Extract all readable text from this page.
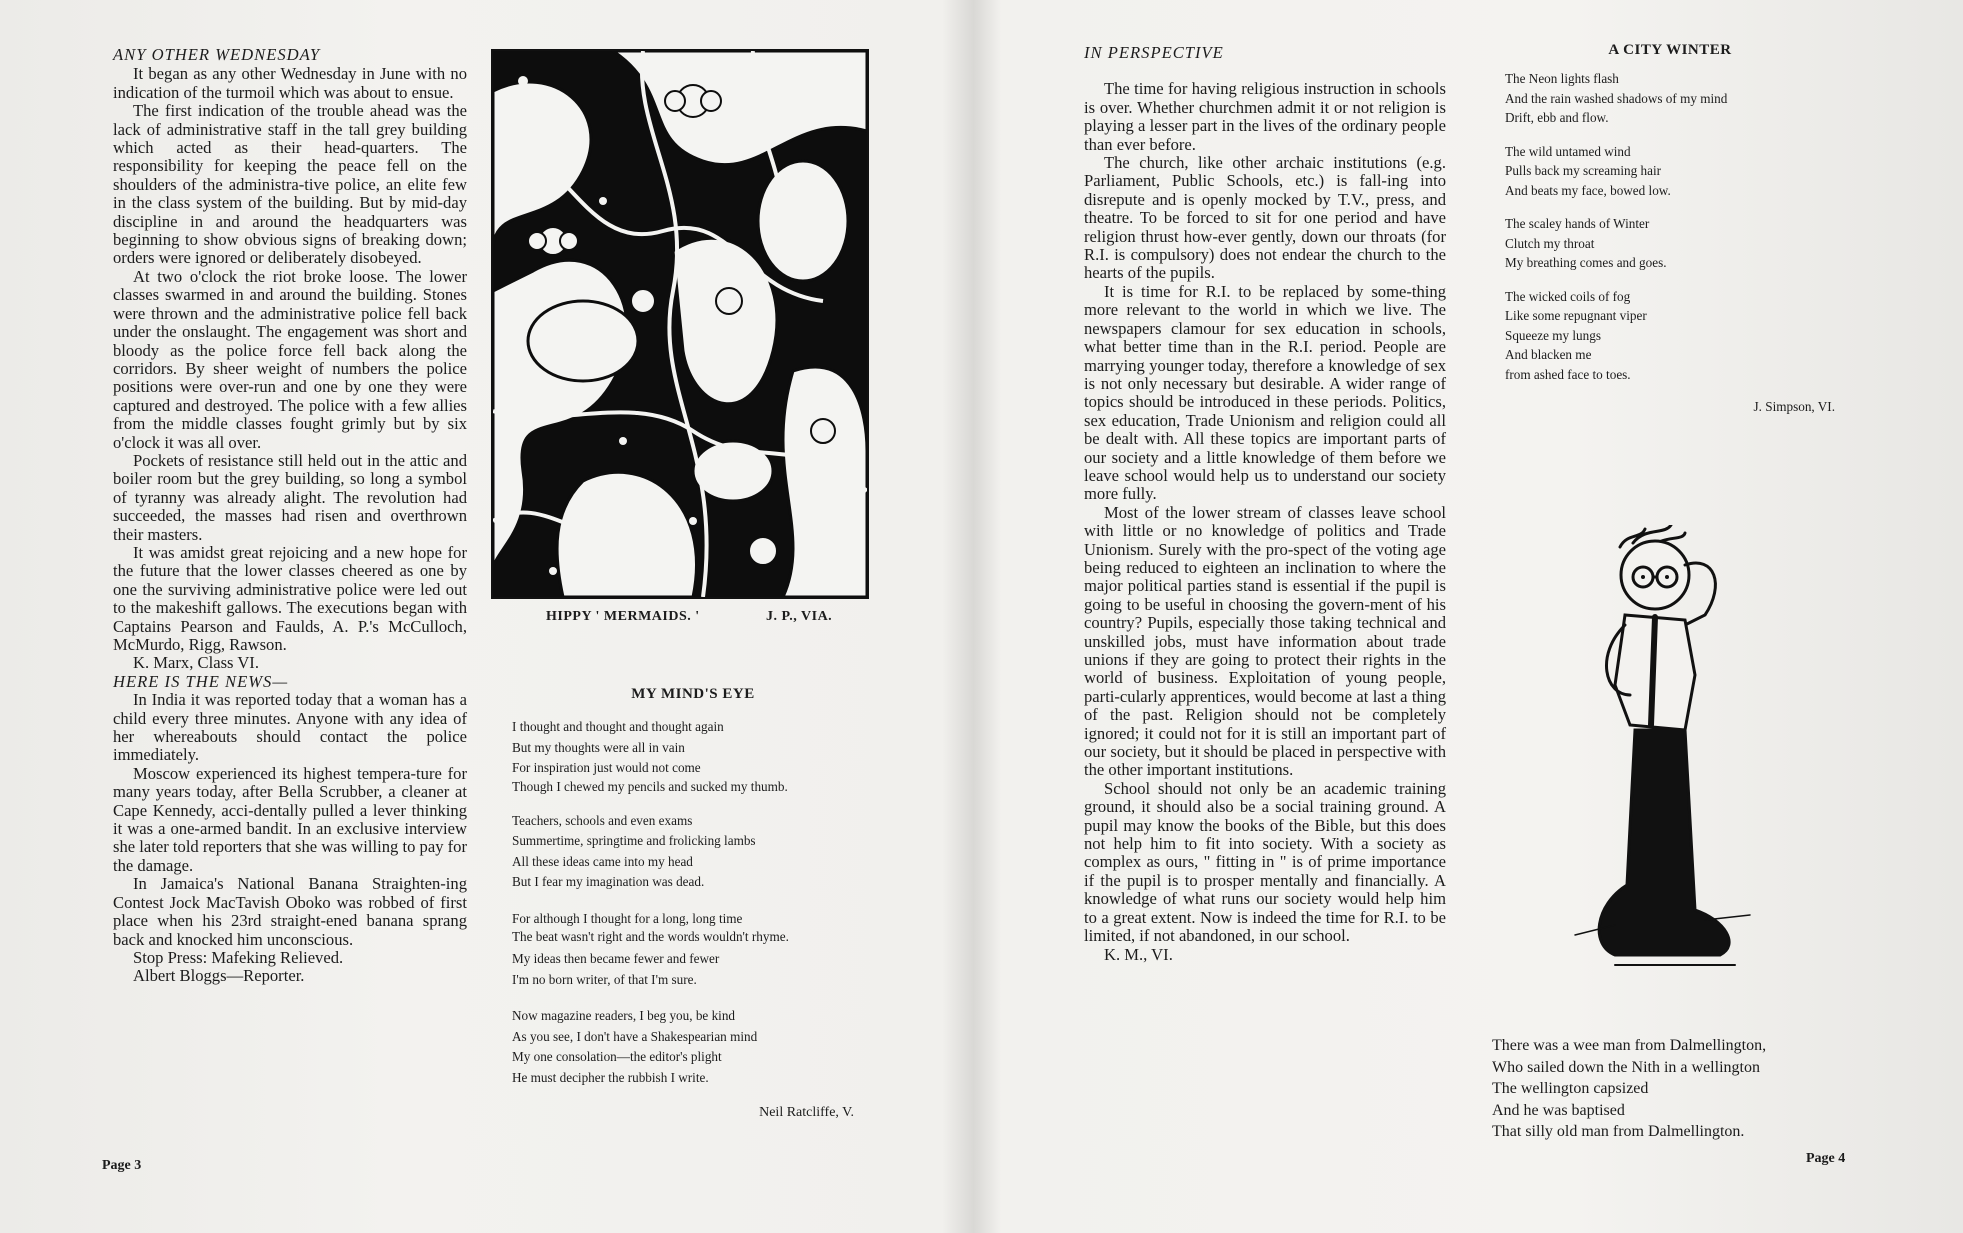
ANY OTHER WEDNESDAY

It began as any other Wednesday in June with no indication of the turmoil which was about to ensue.

The first indication of the trouble ahead was the lack of administrative staff in the tall grey building which acted as their head-quarters. The responsibility for keeping the peace fell on the shoulders of the administra-tive police, an elite few in the class system of the building. But by mid-day discipline in and around the headquarters was beginning to show obvious signs of breaking down; orders were ignored or deliberately disobeyed.

At two o'clock the riot broke loose. The lower classes swarmed in and around the building. Stones were thrown and the administrative police fell back under the onslaught. The engagement was short and bloody as the police force fell back along the corridors. By sheer weight of numbers the police positions were over-run and one by one they were captured and destroyed. The police with a few allies from the middle classes fought grimly but by six o'clock it was all over.

Pockets of resistance still held out in the attic and boiler room but the grey building, so long a symbol of tyranny was already alight. The revolution had succeeded, the masses had risen and overthrown their masters.

It was amidst great rejoicing and a new hope for the future that the lower classes cheered as one by one the surviving administrative police were led out to the makeshift gallows. The executions began with Captains Pearson and Faulds, A. P.'s McCulloch, McMurdo, Rigg, Rawson.

K. Marx, Class VI.

HERE IS THE NEWS—

In India it was reported today that a woman has a child every three minutes. Anyone with any idea of her whereabouts should contact the police immediately.

Moscow experienced its highest tempera-ture for many years today, after Bella Scrubber, a cleaner at Cape Kennedy, acci-dentally pulled a lever thinking it was a one-armed bandit. In an exclusive interview she later told reporters that she was willing to pay for the damage.

In Jamaica's National Banana Straighten-ing Contest Jock MacTavish Oboko was robbed of first place when his 23rd straight-ened banana sprang back and knocked him unconscious.

Stop Press: Mafeking Relieved.

Albert Bloggs—Reporter.

HIPPY ' MERMAIDS. '	J. P., VIA.

MY MIND'S EYE

I thought and thought and thought again
But my thoughts were all in vain
For inspiration just would not come
Though I chewed my pencils and sucked my thumb.
Teachers, schools and even exams
Summertime, springtime and frolicking lambs
All these ideas came into my head
But I fear my imagination was dead.
For although I thought for a long, long time
The beat wasn't right and the words wouldn't rhyme.
My ideas then became fewer and fewer
I'm no born writer, of that I'm sure.
Now magazine readers, I beg you, be kind
As you see, I don't have a Shakespearian mind
My one consolation—the editor's plight
He must decipher the rubbish I write.

Neil Ratcliffe, V.

Page 3

IN PERSPECTIVE

The time for having religious instruction in schools is over. Whether churchmen admit it or not religion is playing a lesser part in the lives of the ordinary people than ever before.

The church, like other archaic institutions (e.g. Parliament, Public Schools, etc.) is fall-ing into disrepute and is openly mocked by T.V., press, and theatre. To be forced to sit for one period and have religion thrust how-ever gently, down our throats (for R.I. is compulsory) does not endear the church to the hearts of the pupils.

It is time for R.I. to be replaced by some-thing more relevant to the world in which we live. The newspapers clamour for sex education in schools, what better time than in the R.I. period. People are marrying younger today, therefore a knowledge of sex is not only necessary but desirable. A wider range of topics should be introduced in these periods. Politics, sex education, Trade Unionism and religion could all be dealt with. All these topics are important parts of our society and a little knowledge of them before we leave school would help us to understand our society more fully.

Most of the lower stream of classes leave school with little or no knowledge of politics and Trade Unionism. Surely with the pro-spect of the voting age being reduced to eighteen an inclination to where the major political parties stand is essential if the pupil is going to be useful in choosing the govern-ment of his country? Pupils, especially those taking technical and unskilled jobs, must have information about trade unions if they are going to protect their rights in the world of business. Exploitation of young people, parti-cularly apprentices, would become at last a thing of the past. Religion should not be completely ignored; it could not for it is still an important part of our society, but it should be placed in perspective with the other important institutions.

School should not only be an academic training ground, it should also be a social training ground. A pupil may know the books of the Bible, but this does not help him to fit into society. With a society as complex as ours, " fitting in " is of prime importance if the pupil is to prosper mentally and financially. A knowledge of what runs our society would help him to a great extent. Now is indeed the time for R.I. to be limited, if not abandoned, in our school.

K. M., VI.

A CITY WINTER

The Neon lights flash
And the rain washed shadows of my mind
Drift, ebb and flow.
The wild untamed wind
Pulls back my screaming hair
And beats my face, bowed low.
The scaley hands of Winter
Clutch my throat
My breathing comes and goes.
The wicked coils of fog
Like some repugnant viper
Squeeze my lungs
And blacken me
from ashed face to toes.

J. Simpson, VI.

There was a wee man from Dalmellington,
Who sailed down the Nith in a wellington
The wellington capsized
And he was baptised
That silly old man from Dalmellington.
Page 4
